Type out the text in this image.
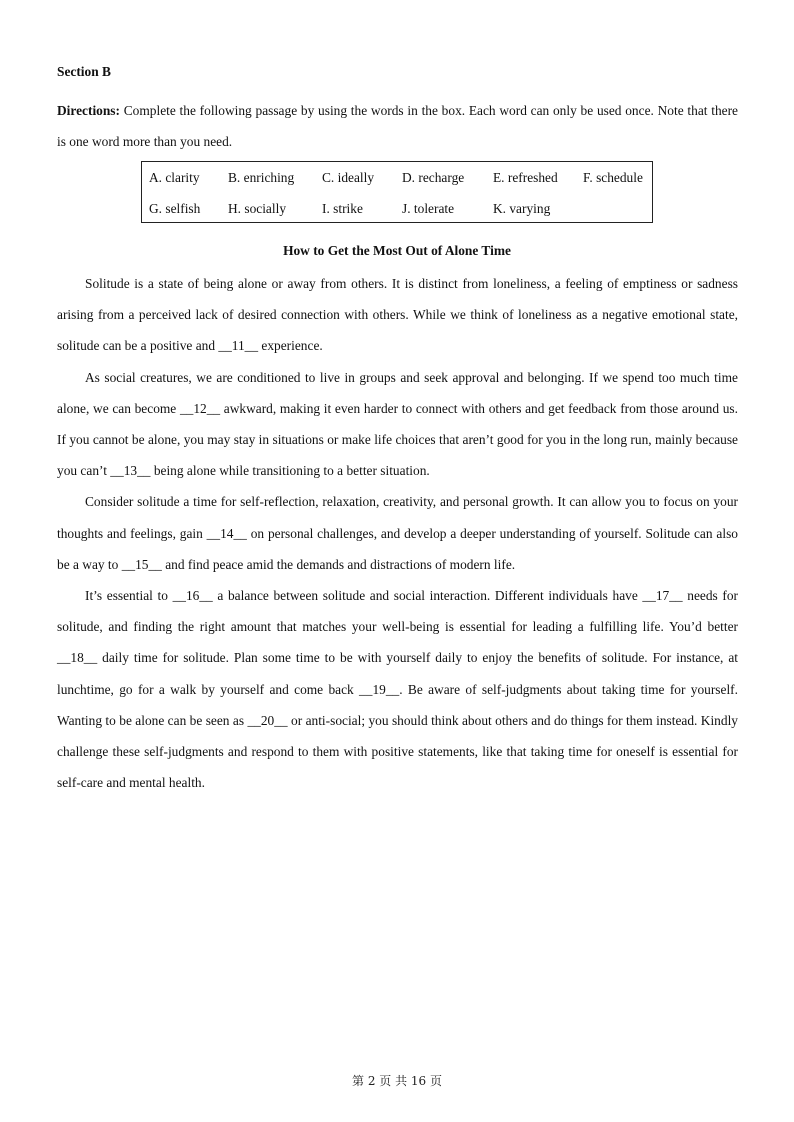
Section B

Directions: Complete the following passage by using the words in the box. Each word can only be used once. Note that there is one word more than you need.

A. clarity B. enriching C. ideally D. recharge E. refreshed F. schedule
G. selfish H. socially	I. strike	J. tolerate	K. varying
How to Get the Most Out of Alone Time

Solitude is a state of being alone or away from others. It is distinct from loneliness, a feeling of emptiness or sadness arising from a perceived lack of desired connection with others. While we think of loneliness as a negative emotional state, solitude can be a positive and __11__ experience.

As social creatures, we are conditioned to live in groups and seek approval and belonging. If we spend too much time alone, we can become __12__ awkward, making it even harder to connect with others and get feedback from those around us. If you cannot be alone, you may stay in situations or make life choices that aren’t good for you in the long run, mainly because you can’t __13__ being alone while transitioning to a better situation.

Consider solitude a time for self-reflection, relaxation, creativity, and personal growth. It can allow you to focus on your thoughts and feelings, gain __14__ on personal challenges, and develop a deeper understanding of yourself. Solitude can also be a way to __15__ and find peace amid the demands and distractions of modern life.

It’s essential to __16__ a balance between solitude and social interaction. Different individuals have __17__ needs for solitude, and finding the right amount that matches your well-being is essential for leading a fulfilling life. You’d better __18__ daily time for solitude. Plan some time to be with yourself daily to enjoy the benefits of solitude. For instance, at lunchtime, go for a walk by yourself and come back __19__. Be aware of self-judgments about taking time for yourself. Wanting to be alone can be seen as __20__ or anti-social; you should think about others and do things for them instead. Kindly challenge these self-judgments and respond to them with positive statements, like that taking time for oneself is essential for self-care and mental health.

第 2 页 共 16 页
